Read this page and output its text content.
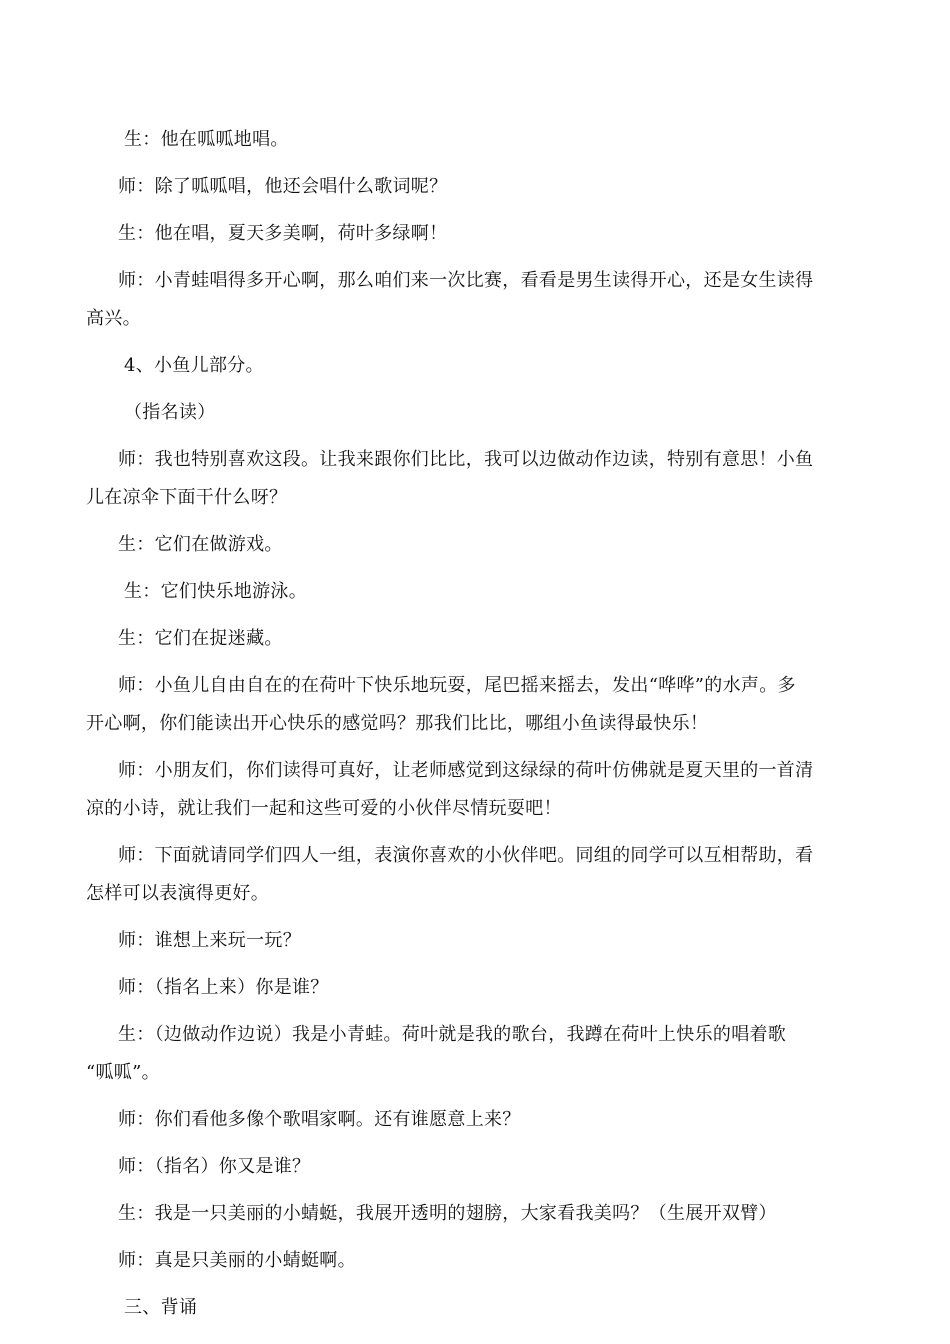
生：他在呱呱地唱。
师：除了呱呱唱，他还会唱什么歌词呢？
生：他在唱，夏天多美啊，荷叶多绿啊！
师：小青蛙唱得多开心啊，那么咱们来一次比赛，看看是男生读得开心，还是女生读得
高兴。
4、小鱼儿部分。
（指名读）
师：我也特别喜欢这段。让我来跟你们比比，我可以边做动作边读，特别有意思！小鱼
儿在凉伞下面干什么呀？
生：它们在做游戏。
生：它们快乐地游泳。
生：它们在捉迷藏。
师：小鱼儿自由自在的在荷叶下快乐地玩耍，尾巴摇来摇去，发出“哗哗”的水声。多
开心啊，你们能读出开心快乐的感觉吗？那我们比比，哪组小鱼读得最快乐！
师：小朋友们，你们读得可真好，让老师感觉到这绿绿的荷叶仿佛就是夏天里的一首清
凉的小诗，就让我们一起和这些可爱的小伙伴尽情玩耍吧！
师：下面就请同学们四人一组，表演你喜欢的小伙伴吧。同组的同学可以互相帮助，看
怎样可以表演得更好。
师：谁想上来玩一玩？
师：（指名上来）你是谁？
生：（边做动作边说）我是小青蛙。荷叶就是我的歌台，我蹲在荷叶上快乐的唱着歌
“呱呱”。
师：你们看他多像个歌唱家啊。还有谁愿意上来？
师：（指名）你又是谁？
生：我是一只美丽的小蜻蜓，我展开透明的翅膀，大家看我美吗？（生展开双臂）
师：真是只美丽的小蜻蜓啊。
三、背诵
